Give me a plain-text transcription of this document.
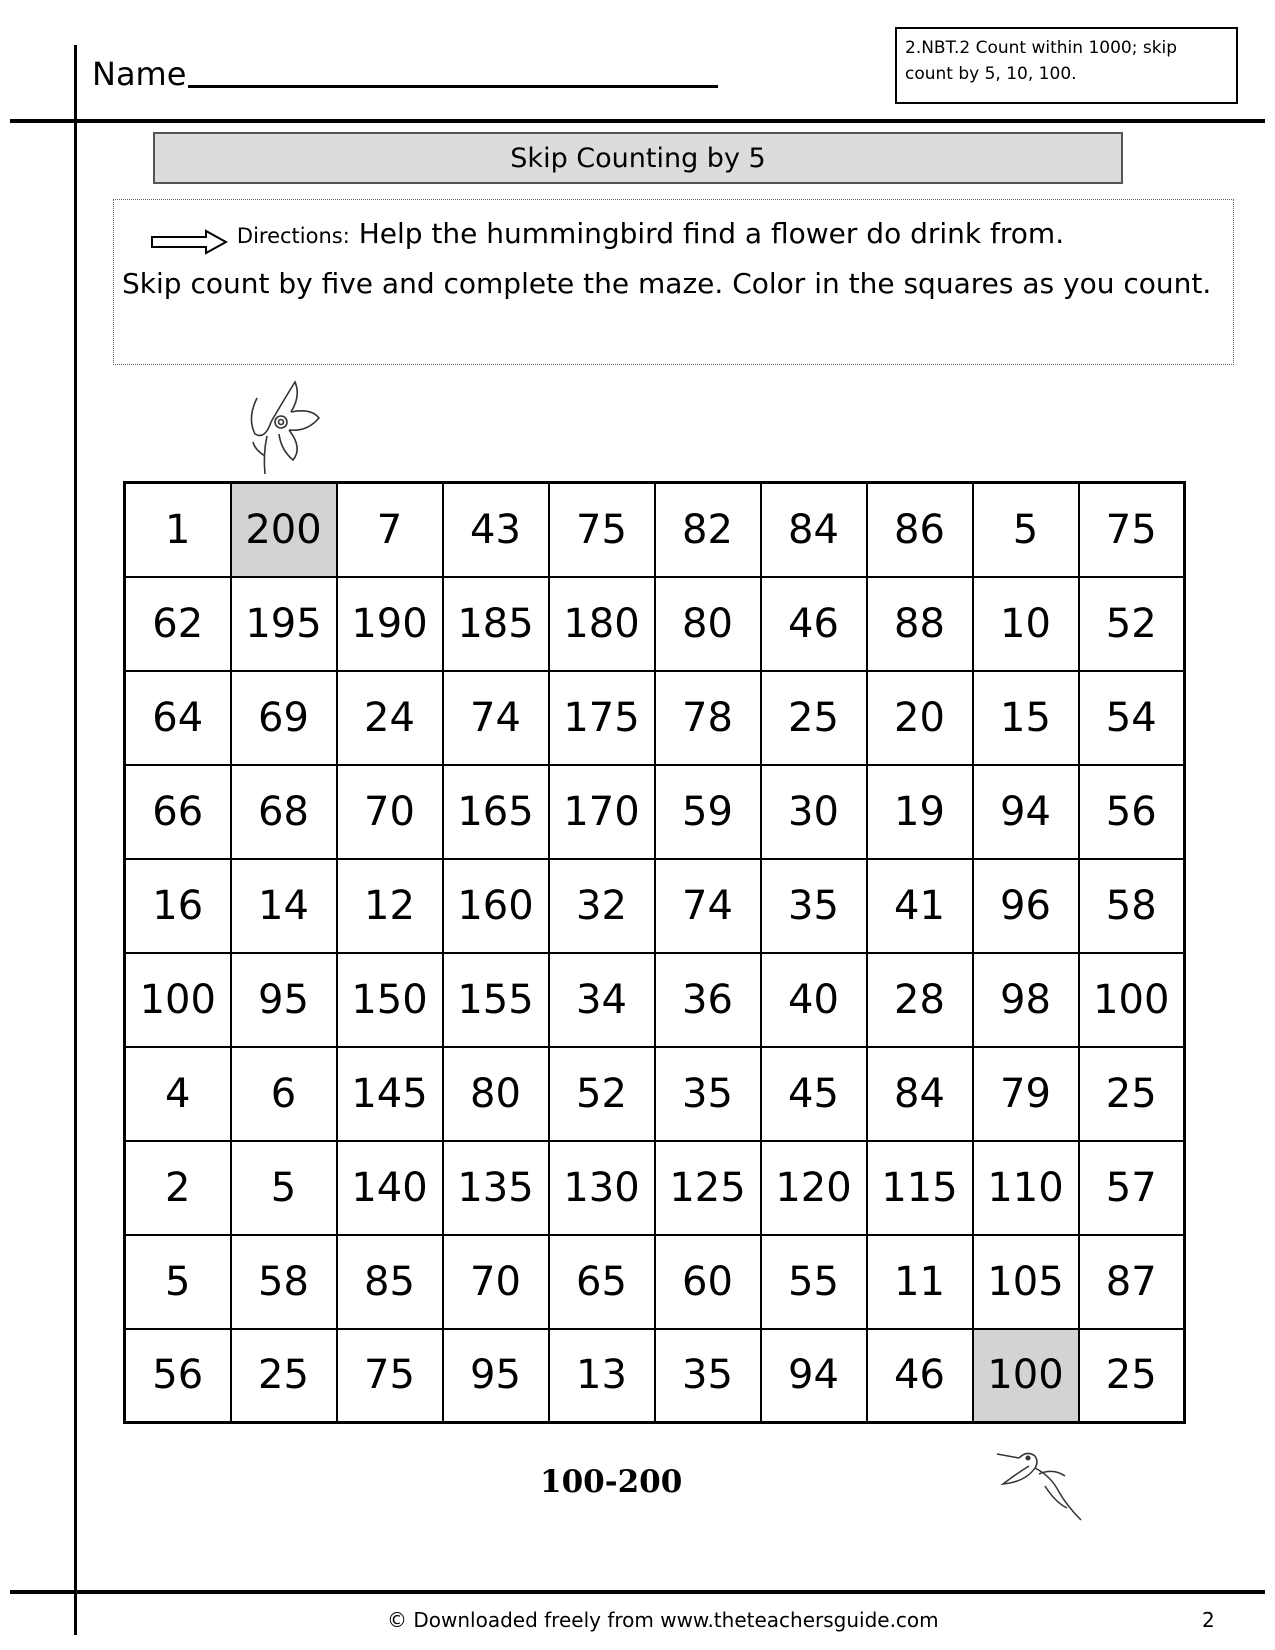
Name
2.NBT.2 Count within 1000; skip count by 5, 10, 100.
Skip Counting by 5
Directions: Help the hummingbird find a flower do drink from.
Skip count by five and complete the maze. Color in the squares as you count.
1	200	7	43	75	82	84	86	5	75
62	195	190	185	180	80	46	88	10	52
64	69	24	74	175	78	25	20	15	54
66	68	70	165	170	59	30	19	94	56
16	14	12	160	32	74	35	41	96	58
100	95	150	155	34	36	40	28	98	100
4	6	145	80	52	35	45	84	79	25
2	5	140	135	130	125	120	115	110	57
5	58	85	70	65	60	55	11	105	87
56	25	75	95	13	35	94	46	100	25
100-200
© Downloaded freely from www.theteachersguide.com	2
